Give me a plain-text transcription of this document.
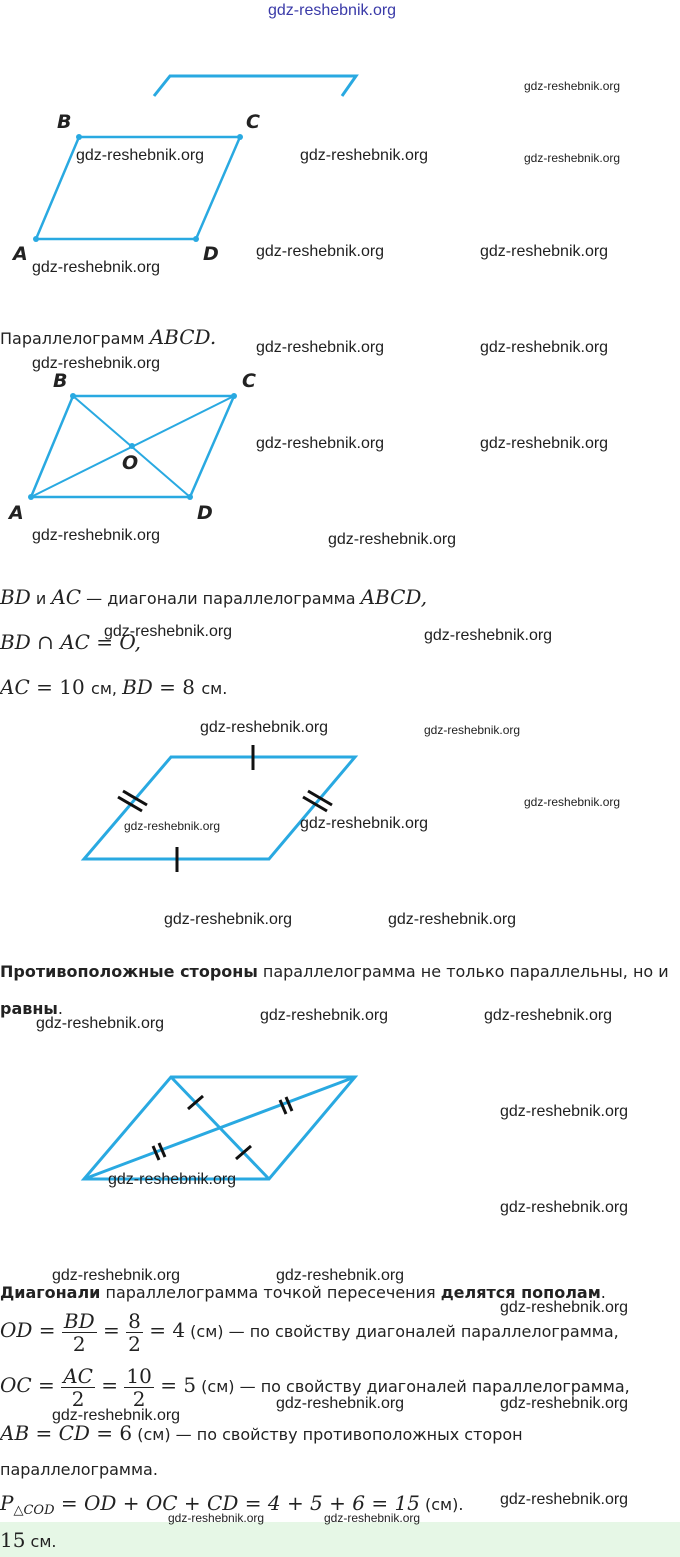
B	C
A	D
B	C
O
A	D
Параллелограмм ABCD.
BD и AC — диагонали параллелограмма ABCD,
BD ∩ AC = O,
AC = 10 см, BD = 8 см.
Противоположные стороны параллелограмма не только параллельны, но и
равны.
Диагонали параллелограмма точкой пересечения делятся пополам.
OD = $\frac{BD}{2} = \frac{8}{2} = 4$ (см) — по свойству диагоналей параллелограмма,
OC = $\frac{AC}{2} = \frac{10}{2} = 5$ (см) — по свойству диагоналей параллелограмма,
AB = CD = 6 (см) — по свойству противоположных сторон
параллелограмма.
$P_{\triangle COD}$ = OD + OC + CD = 4 + 5 + 6 = 15 (см).
15 см.
gdz-reshebnik.org
gdz-reshebnik.org
gdz-reshebnik.org	gdz-reshebnik.org	gdz-reshebnik.org
gdz-reshebnik.org	gdz-reshebnik.org
gdz-reshebnik.org
gdz-reshebnik.org	gdz-reshebnik.org
gdz-reshebnik.org
gdz-reshebnik.org	gdz-reshebnik.org
gdz-reshebnik.org	gdz-reshebnik.org
gdz-reshebnik.org	gdz-reshebnik.org
gdz-reshebnik.org	gdz-reshebnik.org
gdz-reshebnik.org
gdz-reshebnik.org	gdz-reshebnik.org
gdz-reshebnik.org	gdz-reshebnik.org
gdz-reshebnik.org	gdz-reshebnik.org
gdz-reshebnik.org
gdz-reshebnik.org
gdz-reshebnik.org
gdz-reshebnik.org
gdz-reshebnik.org	gdz-reshebnik.org
gdz-reshebnik.org
gdz-reshebnik.org	gdz-reshebnik.org
gdz-reshebnik.org
gdz-reshebnik.org
gdz-reshebnik.org	gdz-reshebnik.org
